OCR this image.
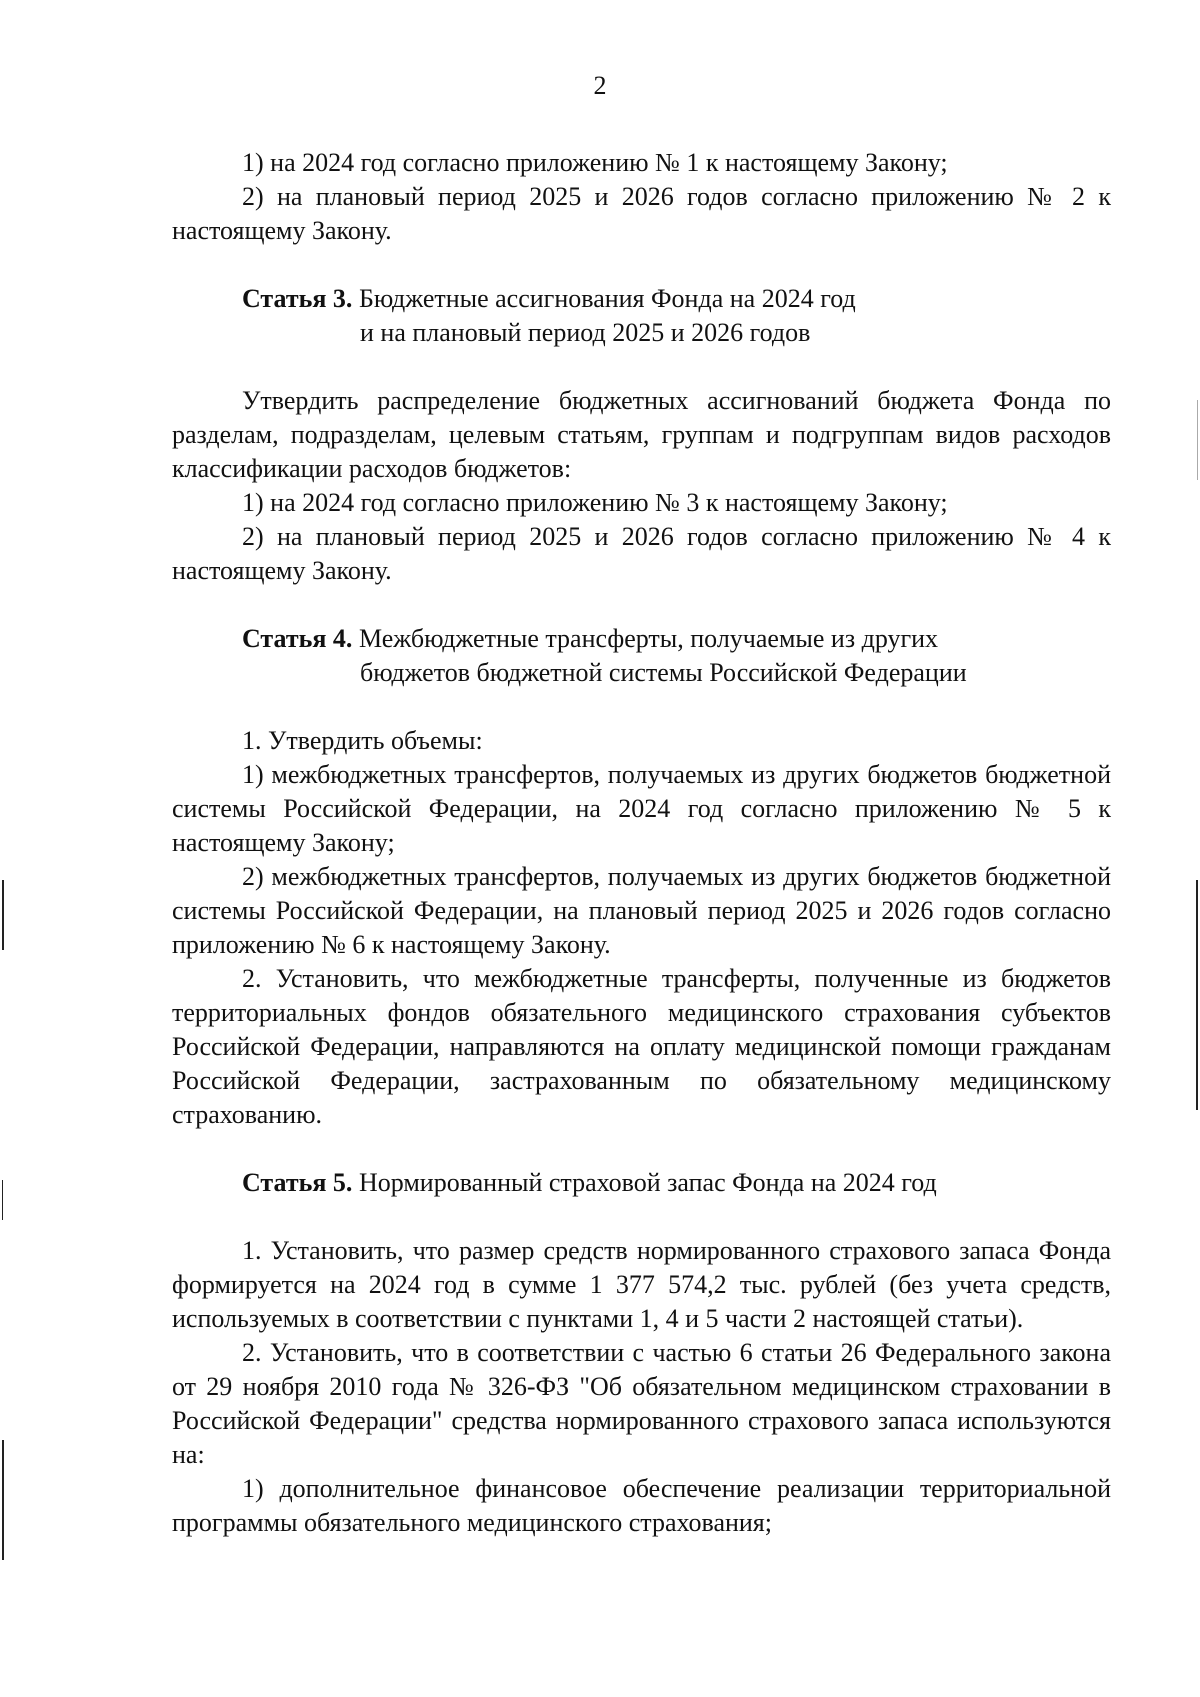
2

1) на 2024 год согласно приложению № 1 к настоящему Закону;

2) на плановый период 2025 и 2026 годов согласно приложению № 2 к настоящему Закону.

Статья 3. Бюджетные ассигнования Фонда на 2024 год
и на плановый период 2025 и 2026 годов

Утвердить распределение бюджетных ассигнований бюджета Фонда по разделам, подразделам, целевым статьям, группам и подгруппам видов расходов классификации расходов бюджетов:

1) на 2024 год согласно приложению № 3 к настоящему Закону;

2) на плановый период 2025 и 2026 годов согласно приложению № 4 к настоящему Закону.

Статья 4. Межбюджетные трансферты, получаемые из других
бюджетов бюджетной системы Российской Федерации

1. Утвердить объемы:

1) межбюджетных трансфертов, получаемых из других бюджетов бюджетной системы Российской Федерации, на 2024 год согласно приложению № 5 к настоящему Закону;

2) межбюджетных трансфертов, получаемых из других бюджетов бюджетной системы Российской Федерации, на плановый период 2025 и 2026 годов согласно приложению № 6 к настоящему Закону.

2. Установить, что межбюджетные трансферты, полученные из бюджетов территориальных фондов обязательного медицинского страхования субъектов Российской Федерации, направляются на оплату медицинской помощи гражданам Российской Федерации, застрахованным по обязательному медицинскому страхованию.

Статья 5. Нормированный страховой запас Фонда на 2024 год

1. Установить, что размер средств нормированного страхового запаса Фонда формируется на 2024 год в сумме 1 377 574,2 тыс. рублей (без учета средств, используемых в соответствии с пунктами 1, 4 и 5 части 2 настоящей статьи).

2. Установить, что в соответствии с частью 6 статьи 26 Федерального закона от 29 ноября 2010 года № 326-ФЗ "Об обязательном медицинском страховании в Российской Федерации" средства нормированного страхового запаса используются на:

1) дополнительное финансовое обеспечение реализации территориальной программы обязательного медицинского страхования;
